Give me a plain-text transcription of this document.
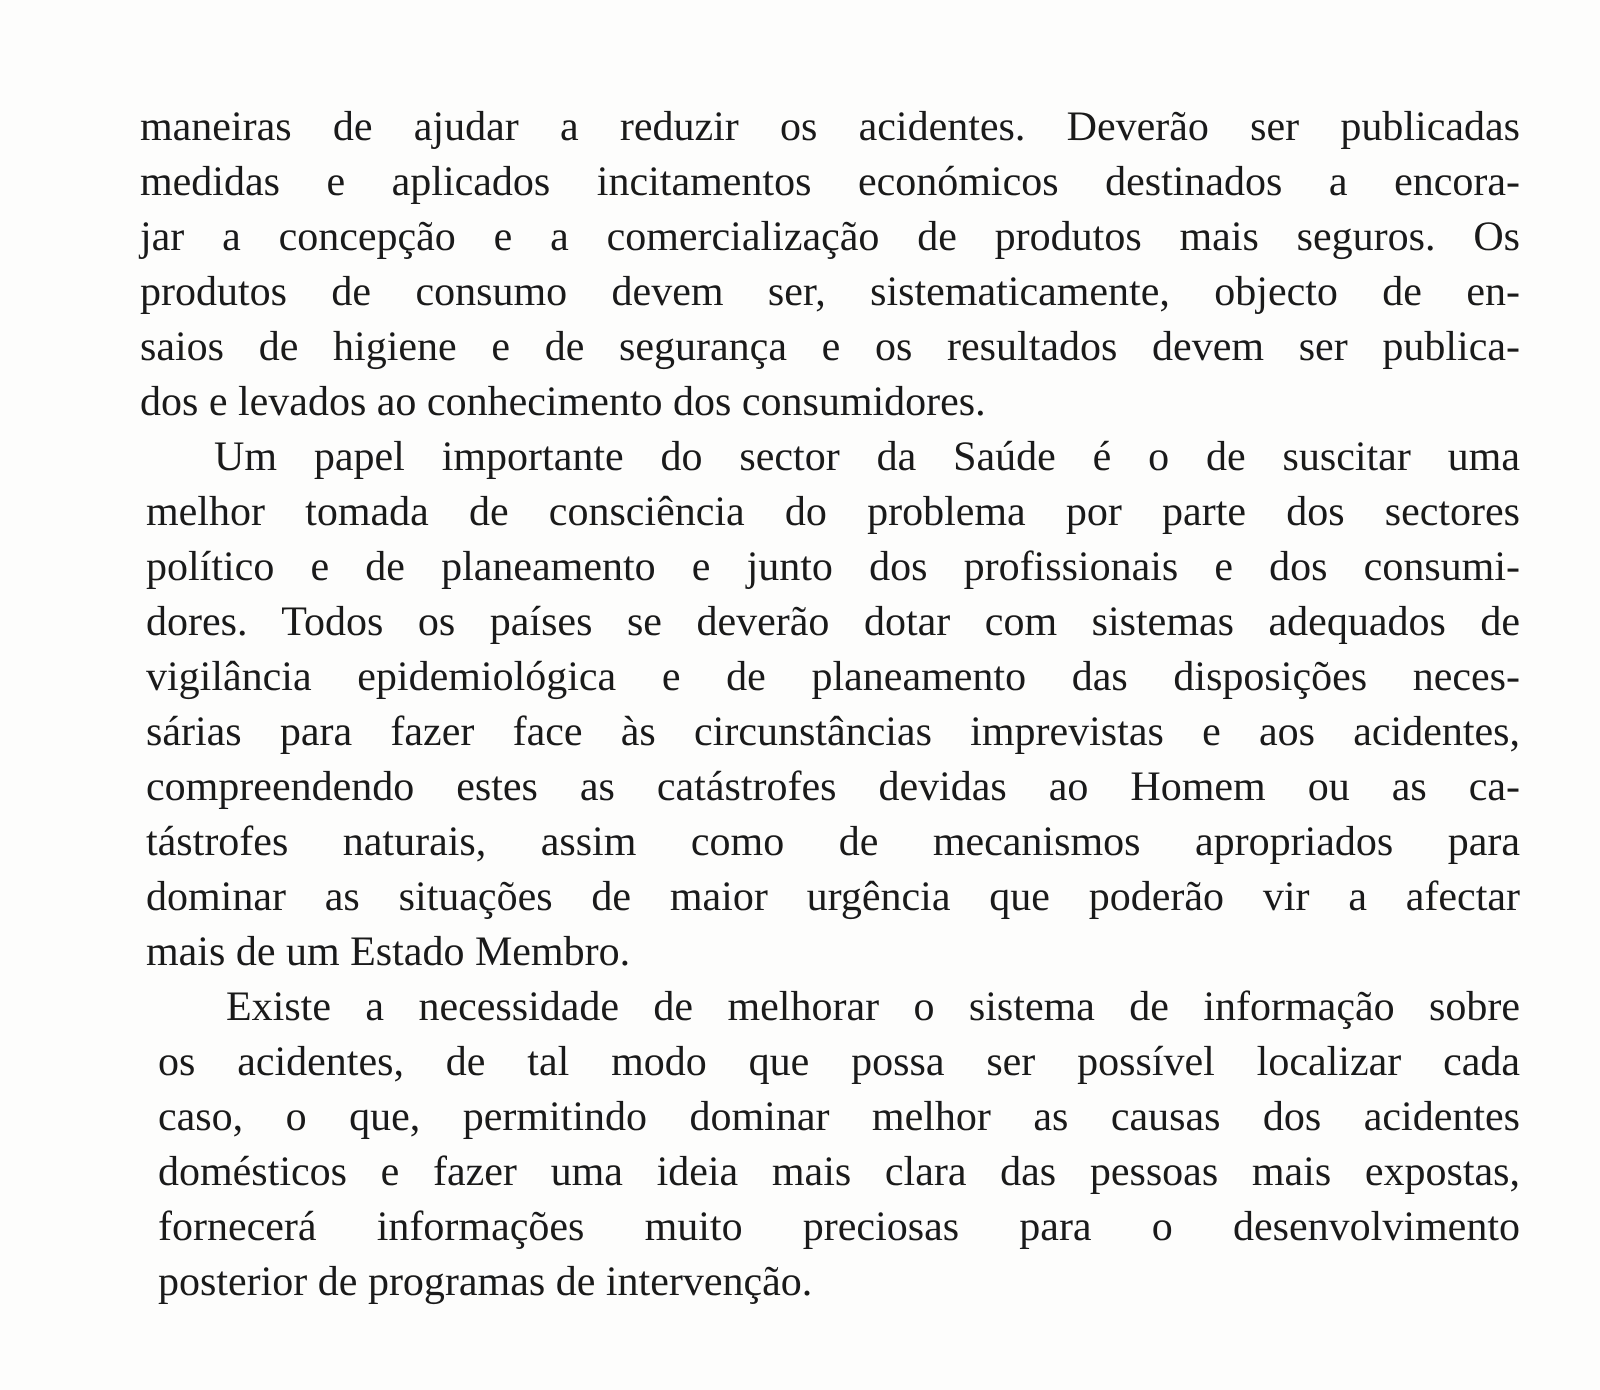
maneiras de ajudar a reduzir os acidentes. Deverão ser publicadas
medidas e aplicados incitamentos económicos destinados a encora-
jar a concepção e a comercialização de produtos mais seguros. Os
produtos de consumo devem ser, sistematicamente, objecto de en-
saios de higiene e de segurança e os resultados devem ser publica-
dos e levados ao conhecimento dos consumidores.
Um papel importante do sector da Saúde é o de suscitar uma
melhor tomada de consciência do problema por parte dos sectores
político e de planeamento e junto dos profissionais e dos consumi-
dores. Todos os países se deverão dotar com sistemas adequados de
vigilância epidemiológica e de planeamento das disposições neces-
sárias para fazer face às circunstâncias imprevistas e aos acidentes,
compreendendo estes as catástrofes devidas ao Homem ou as ca-
tástrofes naturais, assim como de mecanismos apropriados para
dominar as situações de maior urgência que poderão vir a afectar
mais de um Estado Membro.
Existe a necessidade de melhorar o sistema de informação sobre
os acidentes, de tal modo que possa ser possível localizar cada
caso, o que, permitindo dominar melhor as causas dos acidentes
domésticos e fazer uma ideia mais clara das pessoas mais expostas,
fornecerá informações muito preciosas para o desenvolvimento
posterior de programas de intervenção.
